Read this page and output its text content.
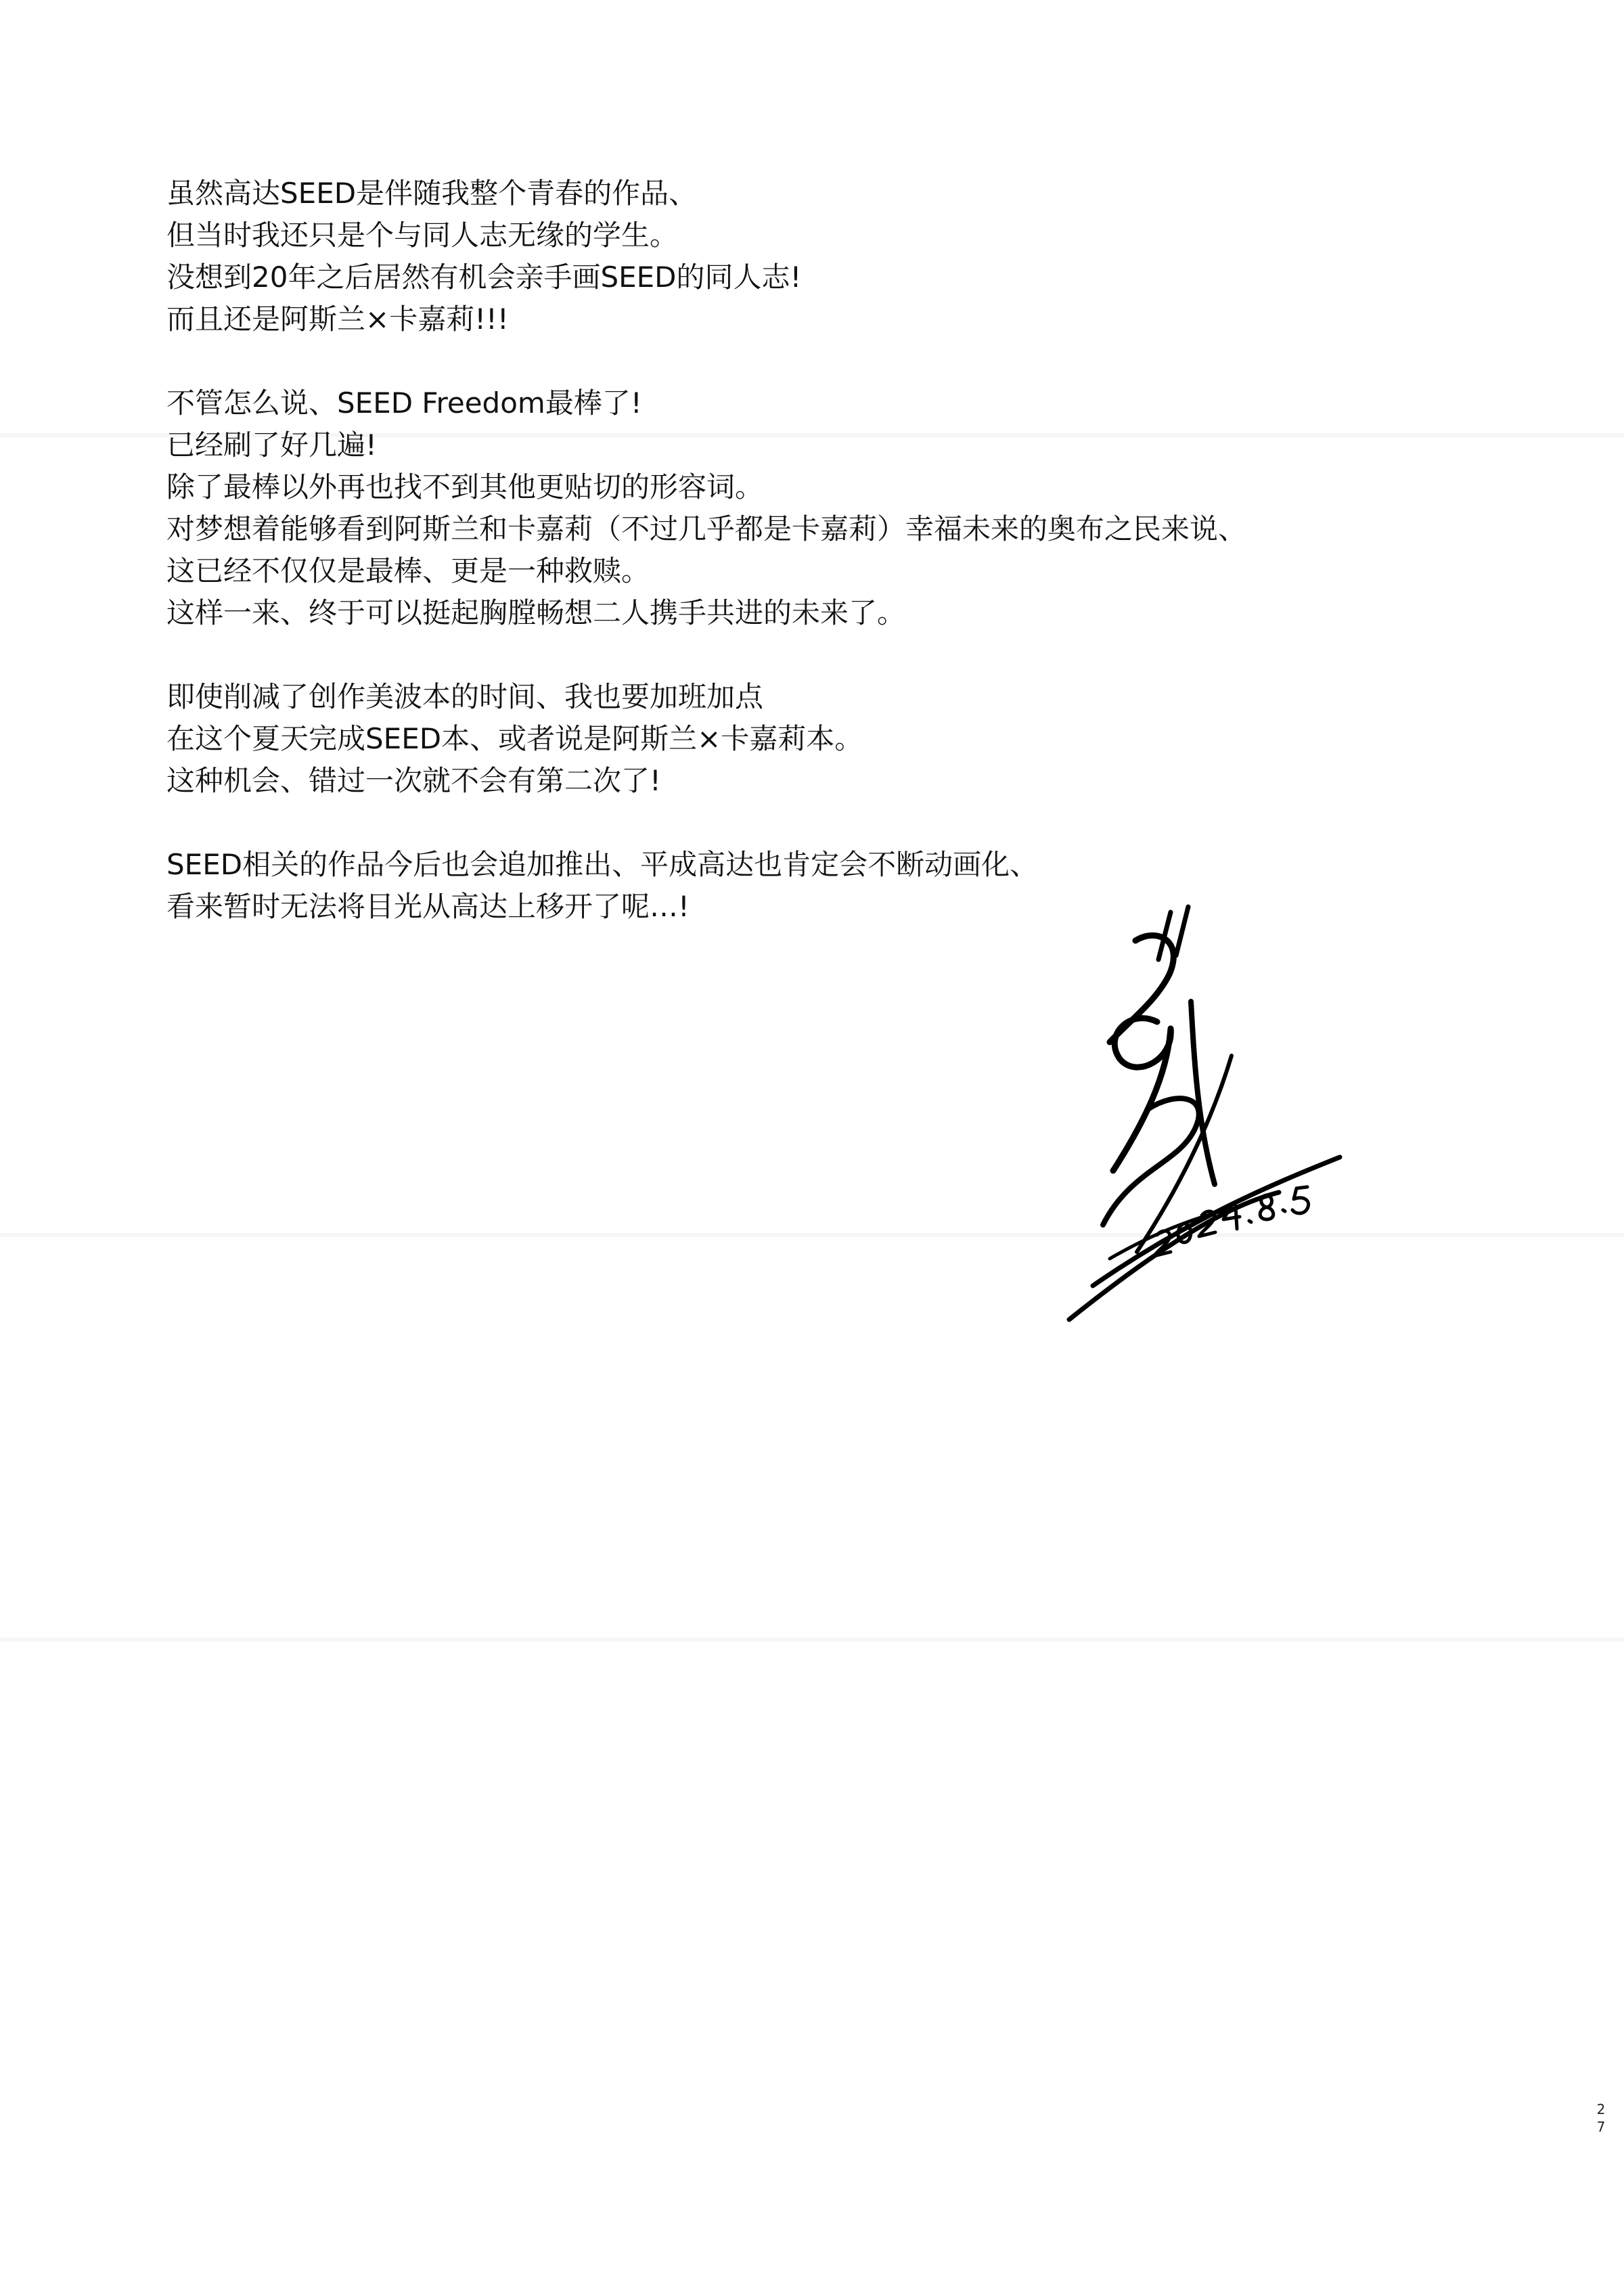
虽然高达SEED是伴随我整个青春的作品、
但当时我还只是个与同人志无缘的学生。
没想到20年之后居然有机会亲手画SEED的同人志!
而且还是阿斯兰×卡嘉莉!!!
不管怎么说、SEED Freedom最棒了!
已经刷了好几遍!
除了最棒以外再也找不到其他更贴切的形容词。
对梦想着能够看到阿斯兰和卡嘉莉（不过几乎都是卡嘉莉）幸福未来的奥布之民来说、
这已经不仅仅是最棒、更是一种救赎。
这样一来、终于可以挺起胸膛畅想二人携手共进的未来了。
即使削减了创作美波本的时间、我也要加班加点
在这个夏天完成SEED本、或者说是阿斯兰×卡嘉莉本。
这种机会、错过一次就不会有第二次了!
SEED相关的作品今后也会追加推出、平成高达也肯定会不断动画化、
看来暂时无法将目光从高达上移开了呢…!
2
7
